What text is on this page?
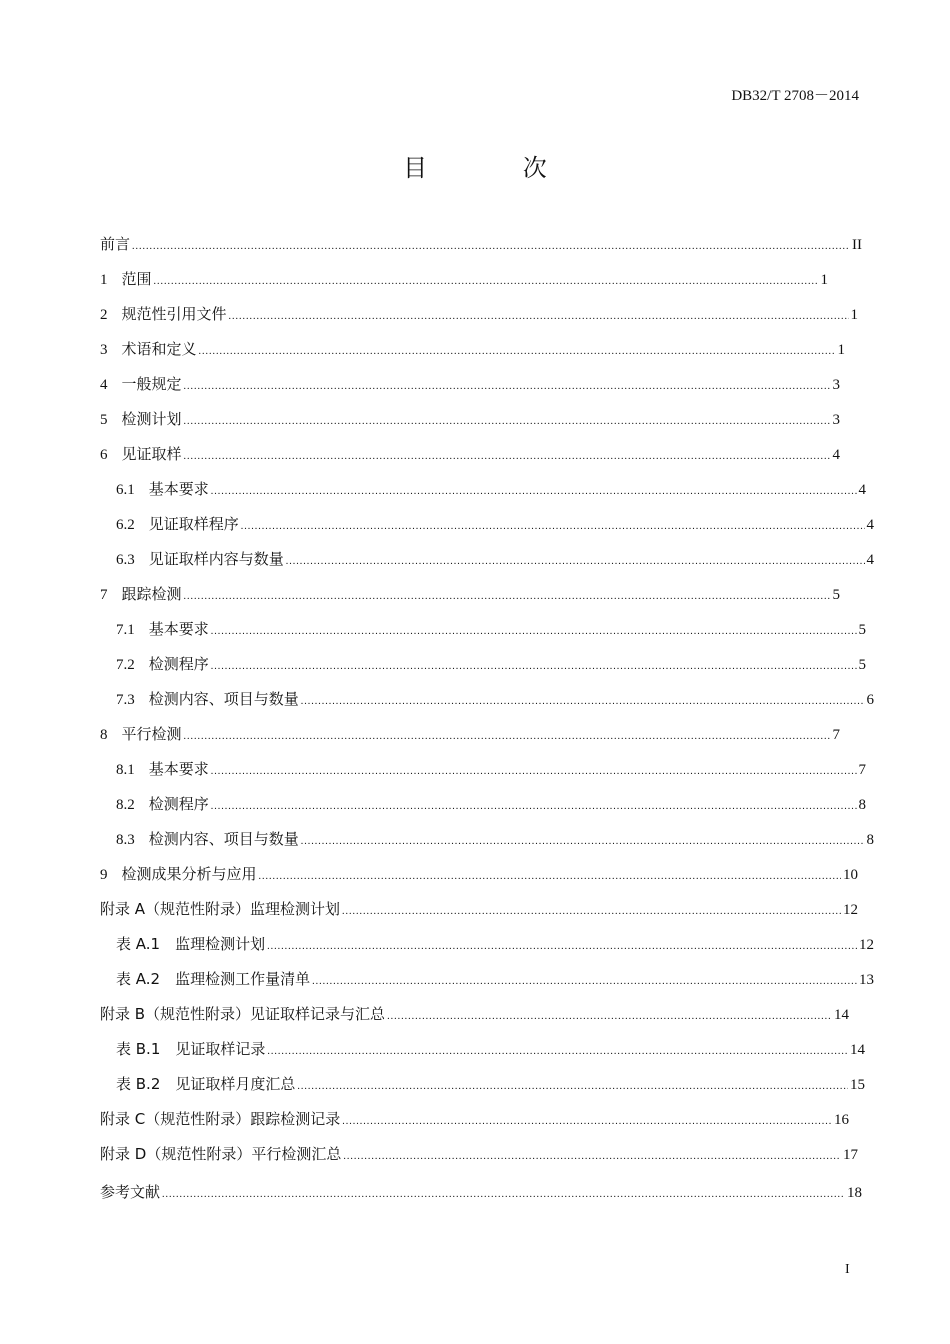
DB32/T 2708－2014
目 次
前言 .....	II
1 范围 .....	1
2 规范性引用文件 .....	1
3 术语和定义 .....	1
4 一般规定 .....	3
5 检测计划 .....	3
6 见证取样 .....	4
6.1 基本要求 .....	4
6.2 见证取样程序 .....	4
6.3 见证取样内容与数量 .....	4
7 跟踪检测 .....	5
7.1 基本要求 .....	5
7.2 检测程序 .....	5
7.3 检测内容、项目与数量 .....	6
8 平行检测 .....	7
8.1 基本要求 .....	7
8.2 检测程序 .....	8
8.3 检测内容、项目与数量 .....	8
9 检测成果分析与应用 .....	10
附录 A（规范性附录）监理检测计划 .....	12
表 A.1　监理检测计划 .....	12
表 A.2　监理检测工作量清单 .....	13
附录 B（规范性附录）见证取样记录与汇总 .....	14
表 B.1　见证取样记录 .....	14
表 B.2　见证取样月度汇总 .....	15
附录 C（规范性附录）跟踪检测记录 .....	16
附录 D（规范性附录）平行检测汇总 .....	17
参考文献 .....	18
I
